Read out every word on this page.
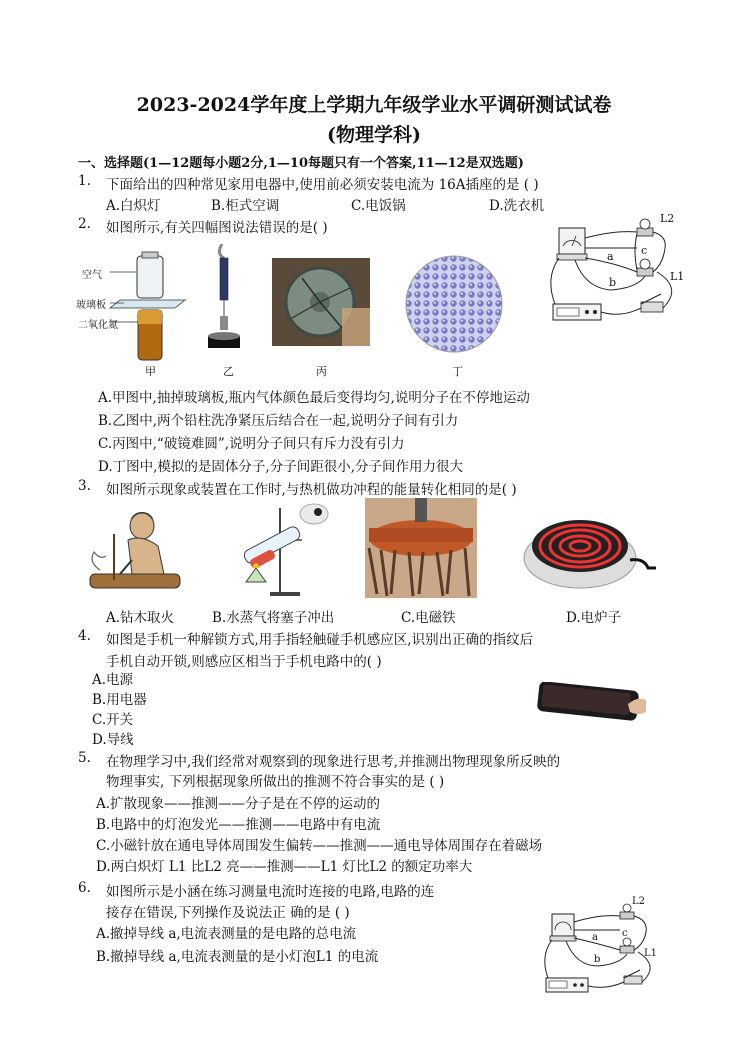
2023-2024学年度上学期九年级学业水平调研测试试卷
(物理学科)
一、选择题(1—12题每小题2分,1—10每题只有一个答案,11—12是双选题)
1. 下面给出的四种常见家用电器中,使用前必须安装电流为 16A插座的是 ( )
A.白炽灯	B.柜式空调	C.电饭锅	D.洗衣机
2. 如图所示,有关四幅图说法错误的是( )
空气
玻璃板
二氧化氮
甲	乙	丙	丁
L2
L1
a
b
c
A.甲图中,抽掉玻璃板,瓶内气体颜色最后变得均匀,说明分子在不停地运动
B.乙图中,两个铅柱洗净紧压后结合在一起,说明分子间有引力
C.丙图中,“破镜难圆”,说明分子间只有斥力没有引力
D.丁图中,模拟的是固体分子,分子间距很小,分子间作用力很大
3. 如图所示现象或装置在工作时,与热机做功冲程的能量转化相同的是( )
A.钻木取火	B.水蒸气将塞子冲出	C.电磁铁	D.电炉子
4. 如图是手机一种解锁方式,用手指轻触碰手机感应区,识别出正确的指纹后
手机自动开锁,则感应区相当于手机电路中的( )
A.电源
B.用电器
C.开关
D.导线
5. 在物理学习中,我们经常对观察到的现象进行思考,并推测出物理现象所反映的
物理事实, 下列根据现象所做出的推测不符合事实的是 ( )
A.扩散现象——推测——分子是在不停的运动的
B.电路中的灯泡发光——推测——电路中有电流
C.小磁针放在通电导体周围发生偏转——推测——通电导体周围存在着磁场
D.两白炽灯 L1 比L2 亮——推测——L1 灯比L2 的额定功率大
6. 如图所示是小涵在练习测量电流时连接的电路,电路的连
接存在错误,下列操作及说法正 确的是 ( )
A.撤掉导线 a,电流表测量的是电路的总电流
B.撤掉导线 a,电流表测量的是小灯泡L1 的电流
L2
L1
a
b
c
